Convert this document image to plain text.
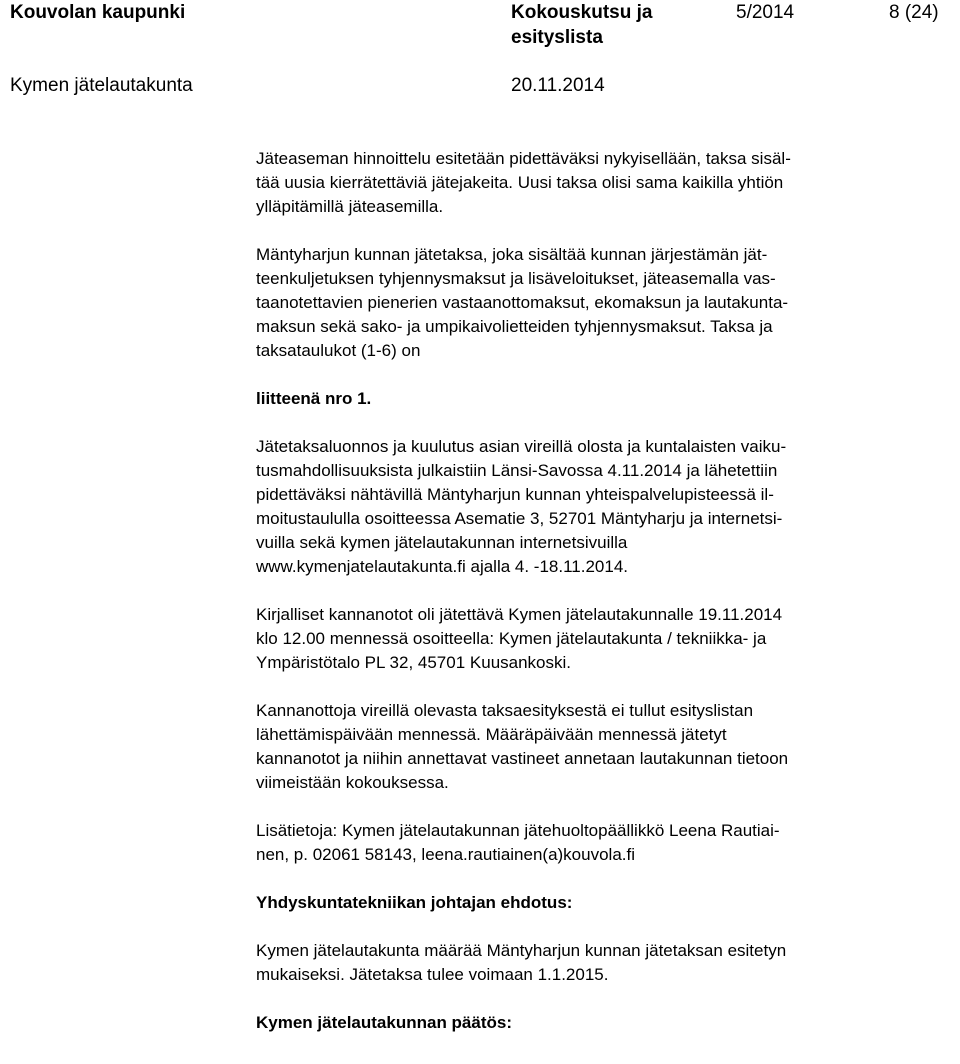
Kouvolan kaupunki	Kokouskutsu ja
esityslista
5/2014	8 (24)
Kymen jätelautakunta	20.11.2014

Jäteaseman hinnoittelu esitetään pidettäväksi nykyisellään, taksa sisäl-
tää uusia kierrätettäviä jätejakeita. Uusi taksa olisi sama kaikilla yhtiön
ylläpitämillä jäteasemilla.

Mäntyharjun kunnan jätetaksa, joka sisältää kunnan järjestämän jät-
teenkuljetuksen tyhjennysmaksut ja lisäveloitukset, jäteasemalla vas-
taanotettavien pienerien vastaanottomaksut, ekomaksun ja lautakunta-
maksun sekä sako- ja umpikaivolietteiden tyhjennysmaksut. Taksa ja
taksataulukot (1-6) on

liitteenä nro 1.

Jätetaksaluonnos ja kuulutus asian vireillä olosta ja kuntalaisten vaiku-
tusmahdollisuuksista julkaistiin Länsi-Savossa 4.11.2014 ja lähetettiin
pidettäväksi nähtävillä Mäntyharjun kunnan yhteispalvelupisteessä il-
moitustaululla osoitteessa Asematie 3, 52701 Mäntyharju ja internetsi-
vuilla sekä kymen jätelautakunnan internetsivuilla
www.kymenjatelautakunta.fi ajalla 4. -18.11.2014.

Kirjalliset kannanotot oli jätettävä Kymen jätelautakunnalle 19.11.2014
klo 12.00 mennessä osoitteella: Kymen jätelautakunta / tekniikka- ja
Ympäristötalo PL 32, 45701 Kuusankoski.

Kannanottoja vireillä olevasta taksaesityksestä ei tullut esityslistan
lähettämispäivään mennessä. Määräpäivään mennessä jätetyt
kannanotot ja niihin annettavat vastineet annetaan lautakunnan tietoon
viimeistään kokouksessa.

Lisätietoja: Kymen jätelautakunnan jätehuoltopäällikkö Leena Rautiai-
nen, p. 02061 58143, leena.rautiainen(a)kouvola.fi

Yhdyskuntatekniikan johtajan ehdotus:

Kymen jätelautakunta määrää Mäntyharjun kunnan jätetaksan esitetyn
mukaiseksi. Jätetaksa tulee voimaan 1.1.2015.

Kymen jätelautakunnan päätös:
